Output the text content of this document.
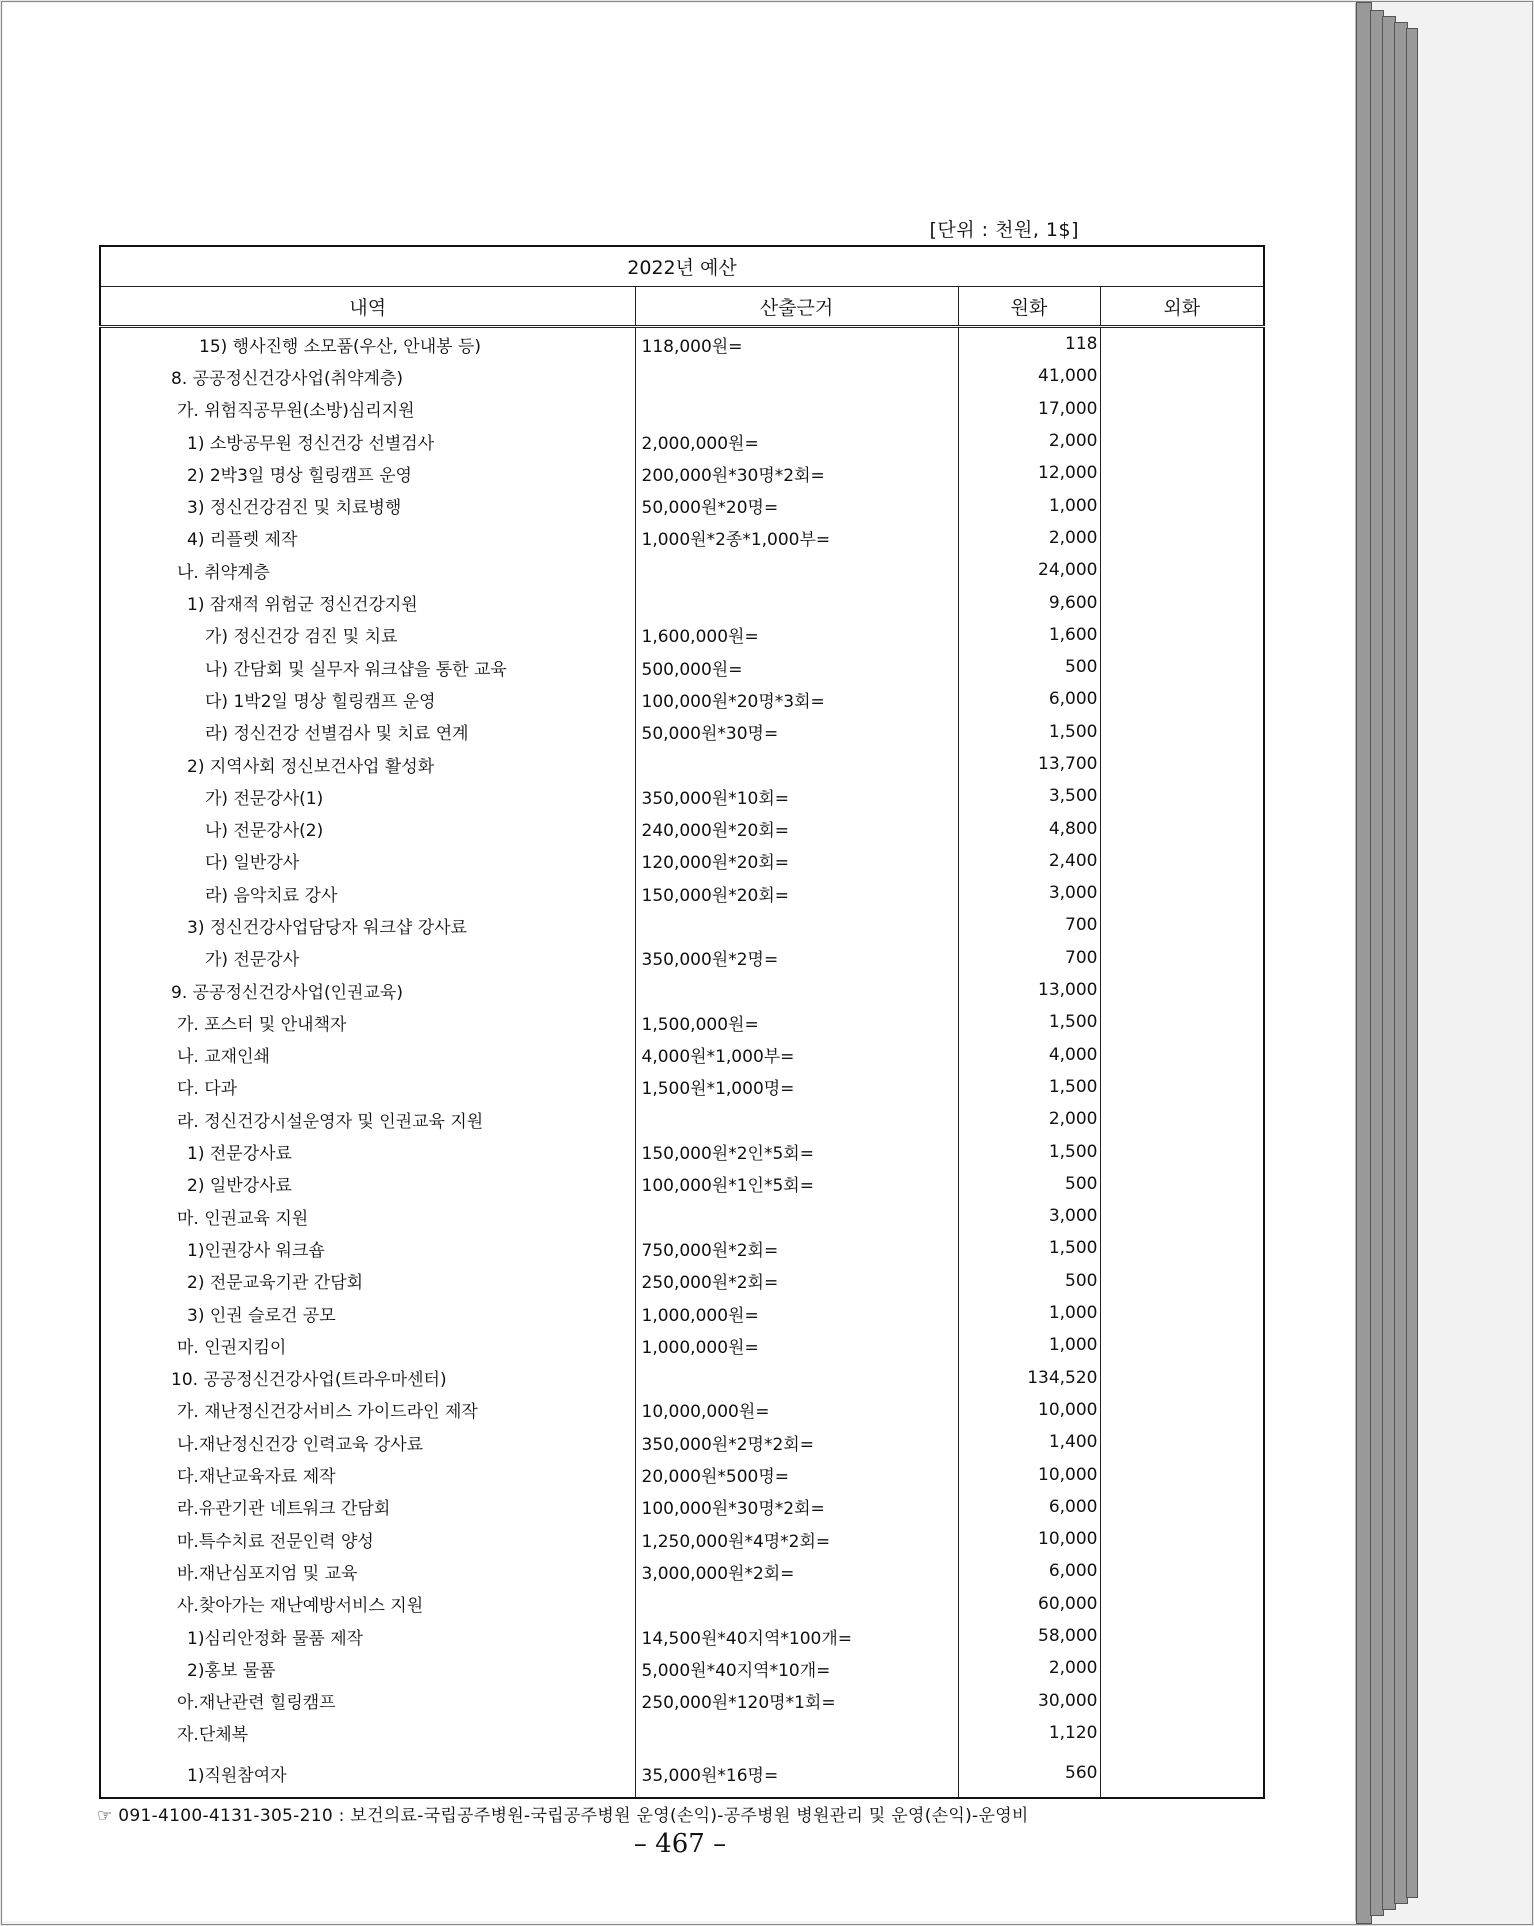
[단위 : 천원, 1$]
2022년 예산			
내역	산출근거	원화	외화
15) 행사진행 소모품(우산, 안내봉 등)	118,000원=	118	
8. 공공정신건강사업(취약계층)		41,000	
가. 위험직공무원(소방)심리지원		17,000	
1) 소방공무원 정신건강 선별검사	2,000,000원=	2,000	
2) 2박3일 명상 힐링캠프 운영	200,000원*30명*2회=	12,000	
3) 정신건강검진 및 치료병행	50,000원*20명=	1,000	
4) 리플렛 제작	1,000원*2종*1,000부=	2,000	
나. 취약계층		24,000	
1) 잠재적 위험군 정신건강지원		9,600	
가) 정신건강 검진 및 치료	1,600,000원=	1,600	
나) 간담회 및 실무자 워크샵을 통한 교육	500,000원=	500	
다) 1박2일 명상 힐링캠프 운영	100,000원*20명*3회=	6,000	
라) 정신건강 선별검사 및 치료 연계	50,000원*30명=	1,500	
2) 지역사회 정신보건사업 활성화		13,700	
가) 전문강사(1)	350,000원*10회=	3,500	
나) 전문강사(2)	240,000원*20회=	4,800	
다) 일반강사	120,000원*20회=	2,400	
라) 음악치료 강사	150,000원*20회=	3,000	
3) 정신건강사업담당자 워크샵 강사료		700	
가) 전문강사	350,000원*2명=	700	
9. 공공정신건강사업(인권교육)		13,000	
가. 포스터 및 안내책자	1,500,000원=	1,500	
나. 교재인쇄	4,000원*1,000부=	4,000	
다. 다과	1,500원*1,000명=	1,500	
라. 정신건강시설운영자 및 인권교육 지원		2,000	
1) 전문강사료	150,000원*2인*5회=	1,500	
2) 일반강사료	100,000원*1인*5회=	500	
마. 인권교육 지원		3,000	
1)인권강사 워크숍	750,000원*2회=	1,500	
2) 전문교육기관 간담회	250,000원*2회=	500	
3) 인권 슬로건 공모	1,000,000원=	1,000	
마. 인권지킴이	1,000,000원=	1,000	
10. 공공정신건강사업(트라우마센터)		134,520	
가. 재난정신건강서비스 가이드라인 제작	10,000,000원=	10,000	
나.재난정신건강 인력교육 강사료	350,000원*2명*2회=	1,400	
다.재난교육자료 제작	20,000원*500명=	10,000	
라.유관기관 네트워크 간담회	100,000원*30명*2회=	6,000	
마.특수치료 전문인력 양성	1,250,000원*4명*2회=	10,000	
바.재난심포지엄 및 교육	3,000,000원*2회=	6,000	
사.찾아가는 재난예방서비스 지원		60,000	
1)심리안정화 물품 제작	14,500원*40지역*100개=	58,000	
2)홍보 물품	5,000원*40지역*10개=	2,000	
아.재난관련 힐링캠프	250,000원*120명*1회=	30,000	
자.단체복		1,120	
1)직원참여자	35,000원*16명=	560	
☞ 091-4100-4131-305-210 : 보건의료-국립공주병원-국립공주병원 운영(손익)-공주병원 병원관리 및 운영(손익)-운영비
– 467 –
